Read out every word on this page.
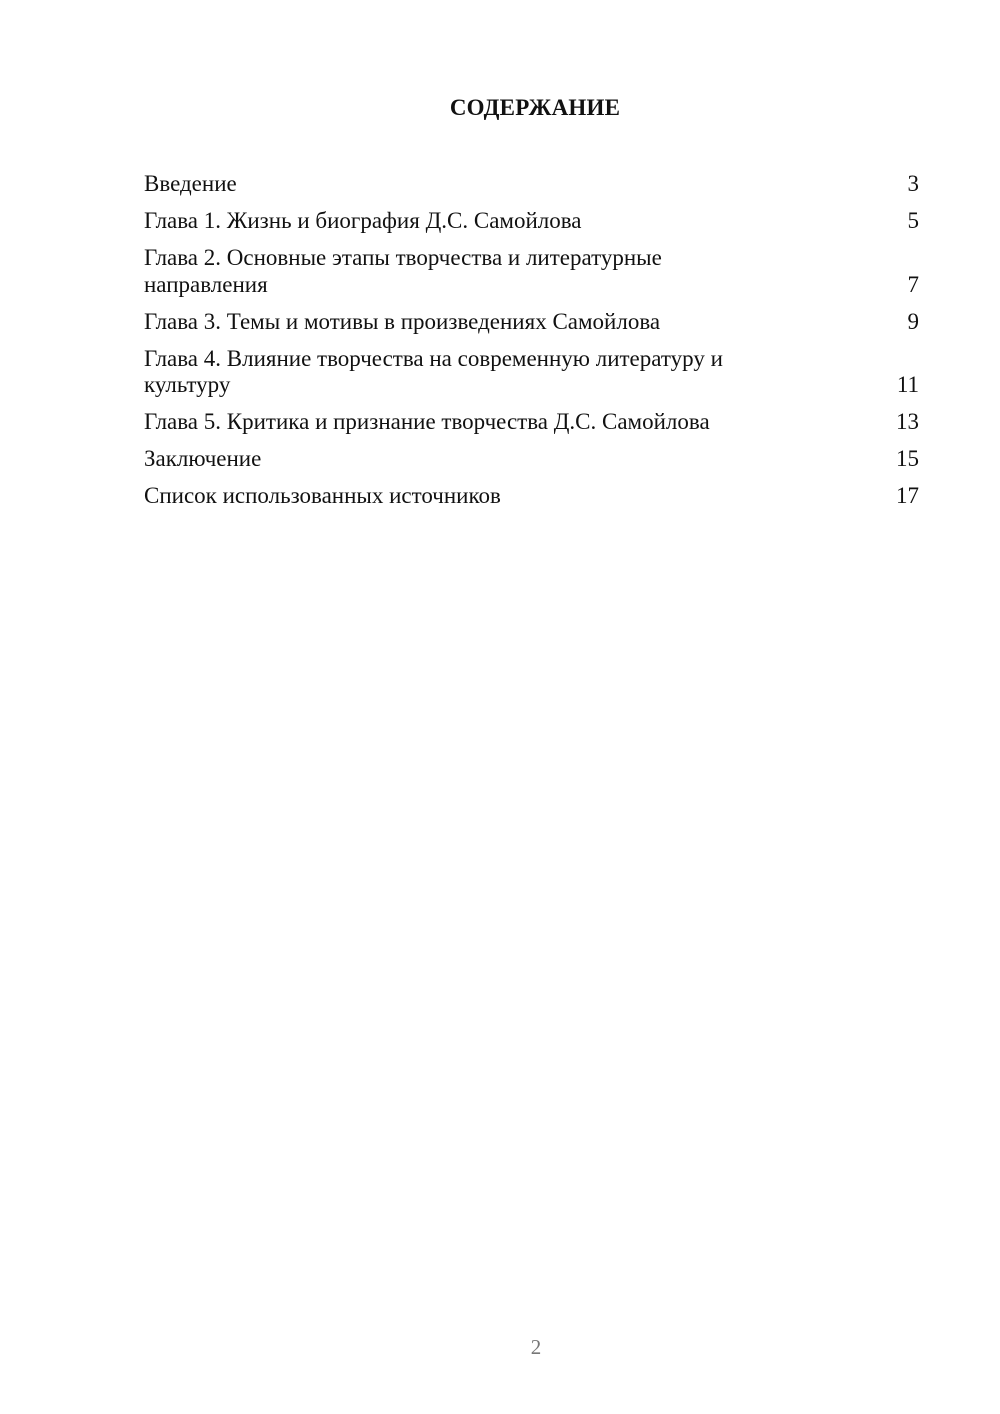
СОДЕРЖАНИЕ
Введение	3
Глава 1. Жизнь и биография Д.С. Самойлова	5
Глава 2. Основные этапы творчества и литературные направления	7
Глава 3. Темы и мотивы в произведениях Самойлова	9
Глава 4. Влияние творчества на современную литературу и культуру	11
Глава 5. Критика и признание творчества Д.С. Самойлова	13
Заключение	15
Список использованных источников	17
2
